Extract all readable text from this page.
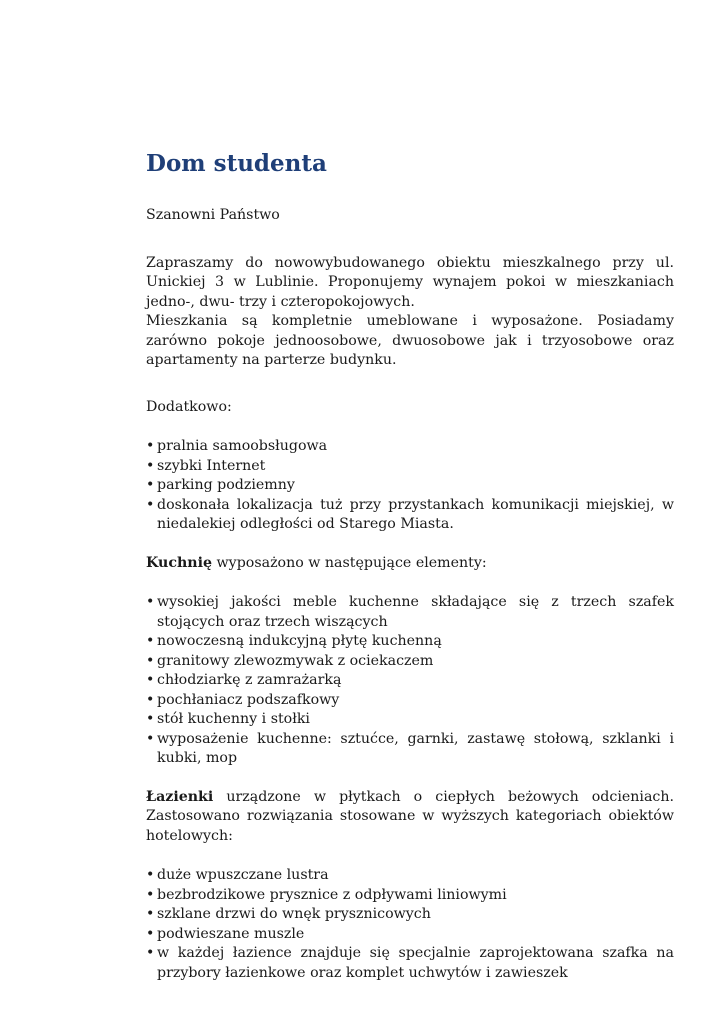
Dom studenta

Szanowni Państwo

Zapraszamy do nowowybudowanego obiektu mieszkalnego przy ul. Unickiej 3 w Lublinie. Proponujemy wynajem pokoi w mieszkaniach jedno-, dwu- trzy i czteropokojowych.

Mieszkania są kompletnie umeblowane i wyposażone. Posiadamy zarówno pokoje jednoosobowe, dwuosobowe jak i trzyosobowe oraz apartamenty na parterze budynku.

Dodatkowo:

• pralnia samoobsługowa
• szybki Internet
• parking podziemny
• doskonała lokalizacja tuż przy przystankach komunikacji miejskiej, w niedalekiej odległości od Starego Miasta.

Kuchnię wyposażono w następujące elementy:

• wysokiej jakości meble kuchenne składające się z trzech szafek stojących oraz trzech wiszących
• nowoczesną indukcyjną płytę kuchenną
• granitowy zlewozmywak z ociekaczem
• chłodziarkę z zamrażarką
• pochłaniacz podszafkowy
• stół kuchenny i stołki
• wyposażenie kuchenne: sztućce, garnki, zastawę stołową, szklanki i kubki, mop

Łazienki urządzone w płytkach o ciepłych beżowych odcieniach. Zastosowano rozwiązania stosowane w wyższych kategoriach obiektów hotelowych:

• duże wpuszczane lustra
• bezbrodzikowe prysznice z odpływami liniowymi
• szklane drzwi do wnęk prysznicowych
• podwieszane muszle
• w każdej łazience znajduje się specjalnie zaprojektowana szafka na przybory łazienkowe oraz komplet uchwytów i zawieszek
